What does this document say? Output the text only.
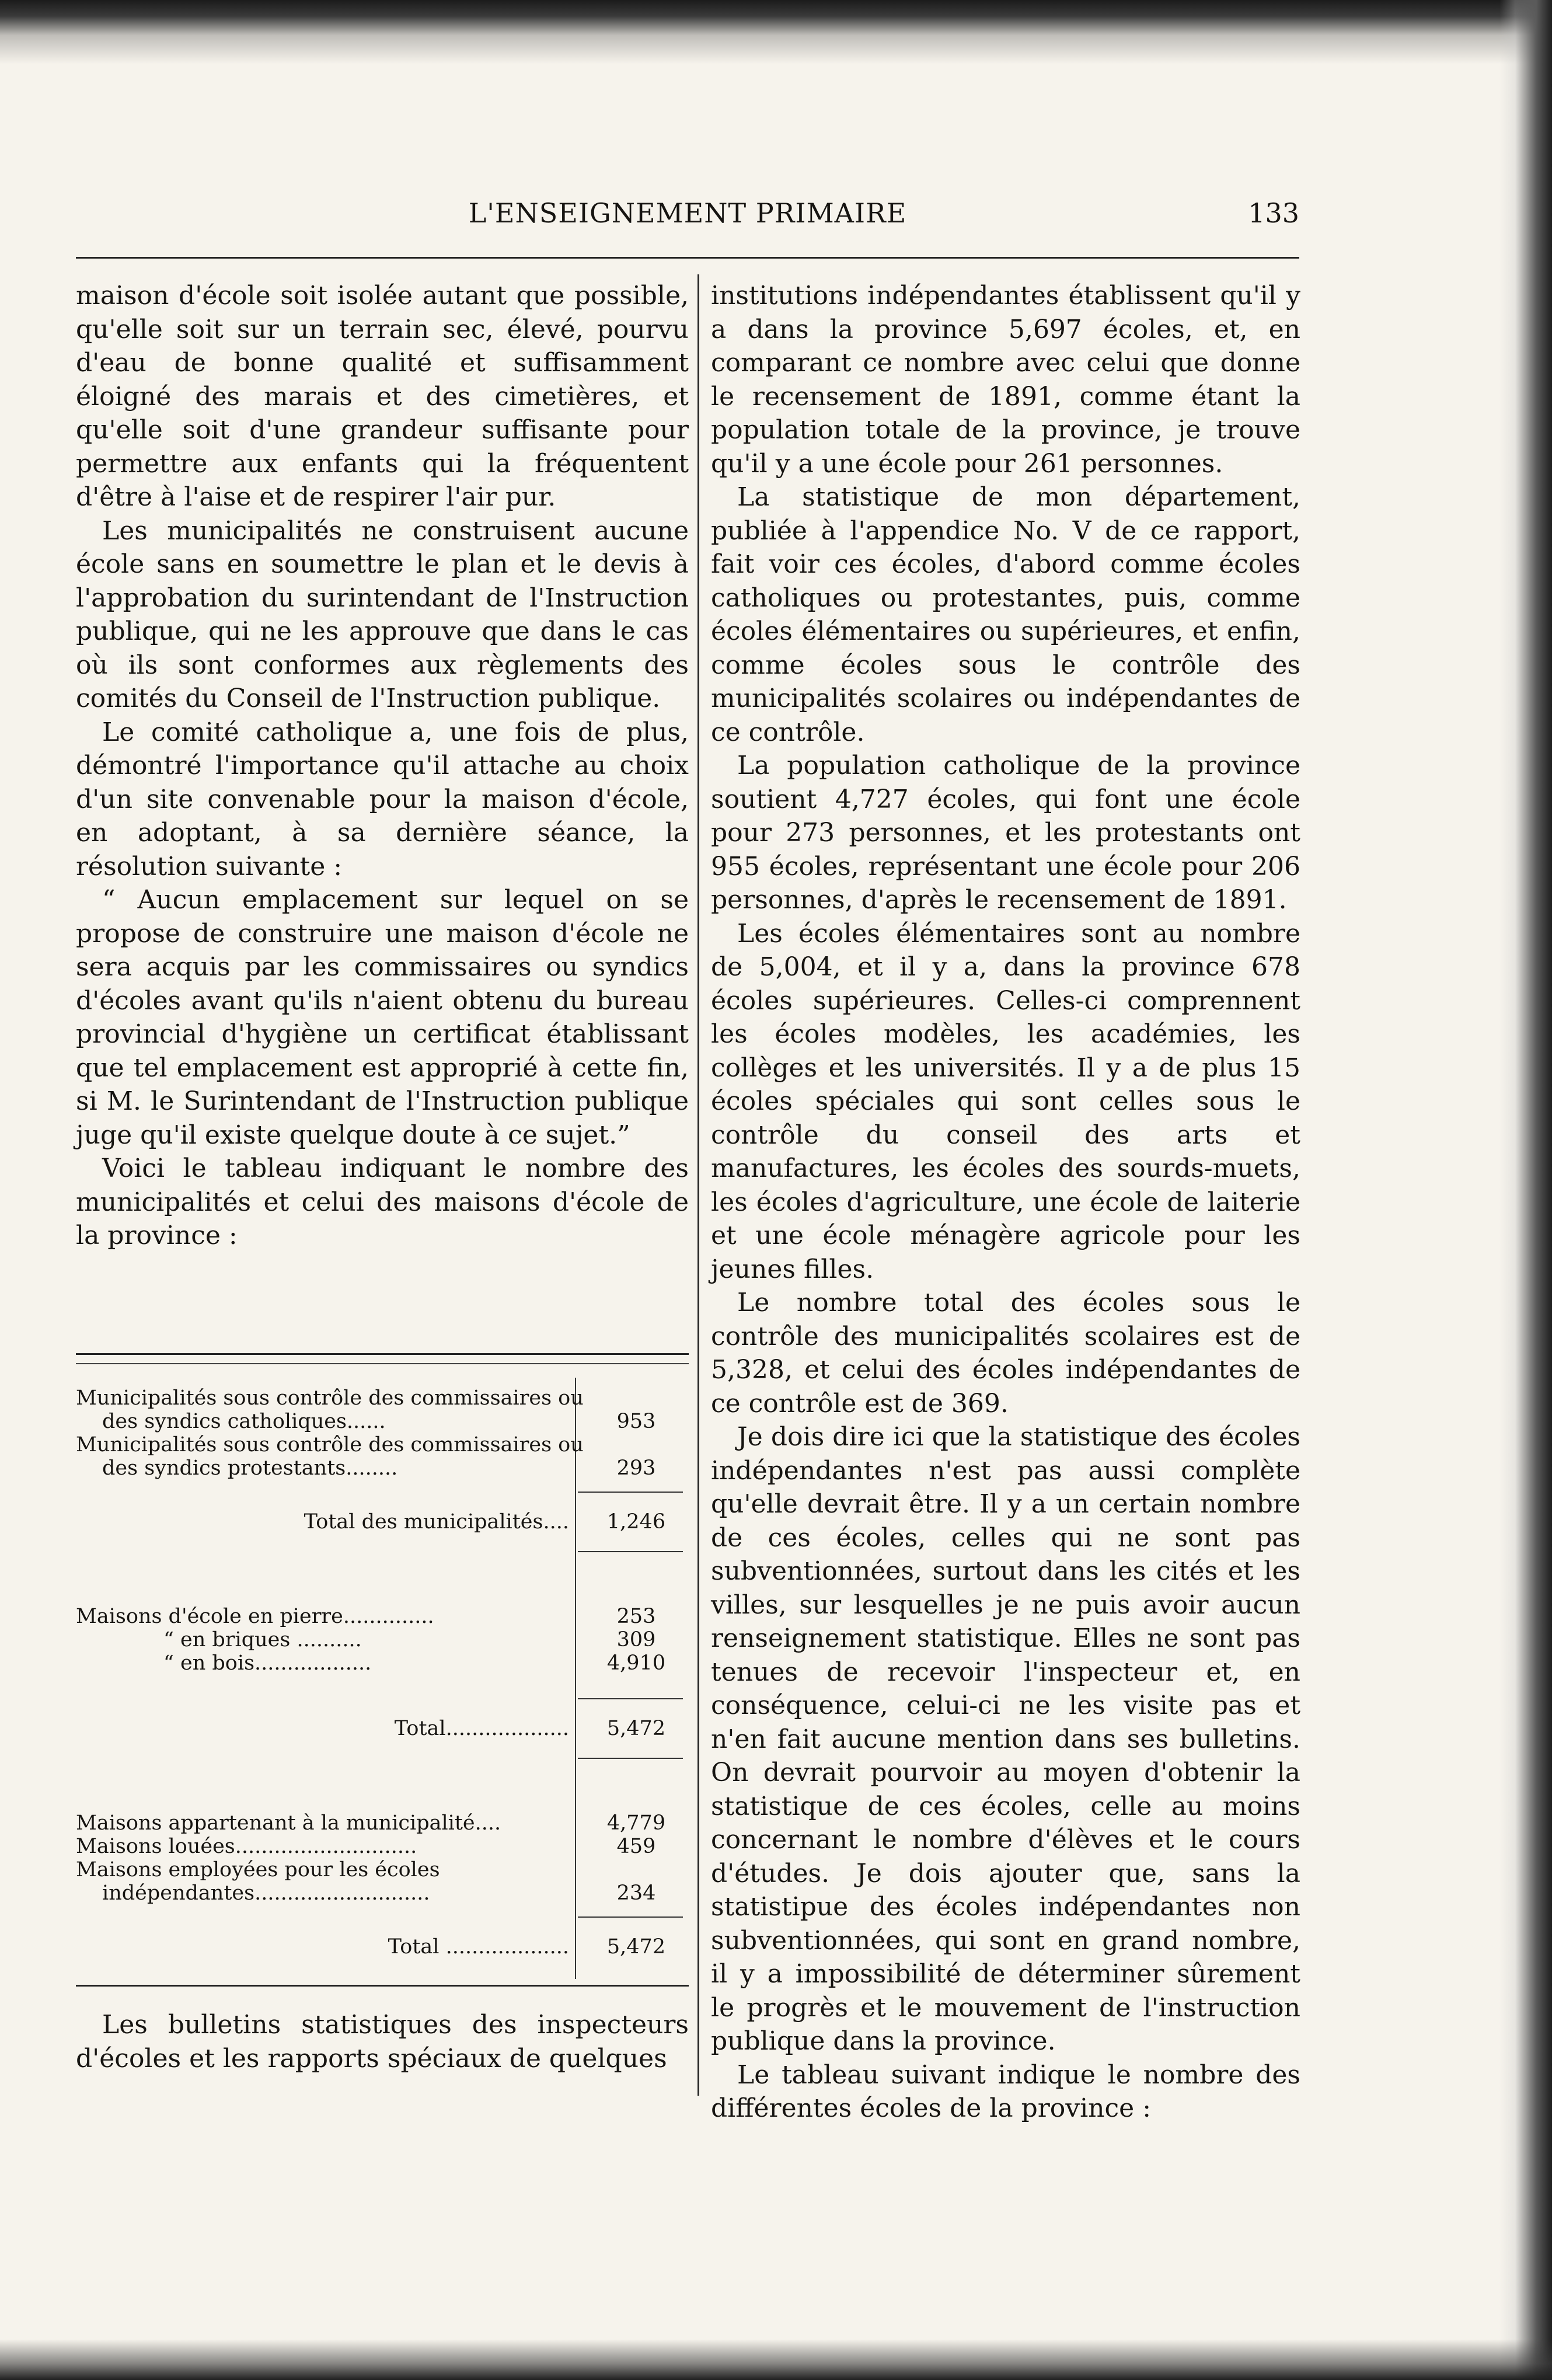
L'ENSEIGNEMENT PRIMAIRE	133

maison d'école soit isolée autant que possible, qu'elle soit sur un terrain sec, élevé, pourvu d'eau de bonne qualité et suffisamment éloigné des marais et des cimetières, et qu'elle soit d'une grandeur suffisante pour permettre aux enfants qui la fréquentent d'être à l'aise et de respirer l'air pur.

Les municipalités ne construisent aucune école sans en soumettre le plan et le devis à l'approbation du surintendant de l'Instruction publique, qui ne les approuve que dans le cas où ils sont conformes aux règlements des comités du Conseil de l'Instruction publique.

Le comité catholique a, une fois de plus, démontré l'importance qu'il attache au choix d'un site convenable pour la maison d'école, en adoptant, à sa dernière séance, la résolution suivante :

“ Aucun emplacement sur lequel on se propose de construire une maison d'école ne sera acquis par les commissaires ou syndics d'écoles avant qu'ils n'aient obtenu du bureau provincial d'hygiène un certificat établissant que tel emplacement est approprié à cette fin, si M. le Surintendant de l'Instruction publique juge qu'il existe quelque doute à ce sujet.”

Voici le tableau indiquant le nombre des municipalités et celui des maisons d'école de la province :

Municipalités sous contrôle des commissaires ou des syndics catholiques......	953
Municipalités sous contrôle des commissaires ou des syndics protestants........	293
Total des municipalités....	1,246
Maisons d'école en pierre..............	253
“ en briques ..........	309
“ en bois..................	4,910
Total...................	5,472
Maisons appartenant à la municipalité....	4,779
Maisons louées............................	459
Maisons employées pour les écoles indépendantes...........................	234
Total ...................	5,472

Les bulletins statistiques des inspecteurs d'écoles et les rapports spéciaux de quelques

institutions indépendantes établissent qu'il y a dans la province 5,697 écoles, et, en comparant ce nombre avec celui que donne le recensement de 1891, comme étant la population totale de la province, je trouve qu'il y a une école pour 261 personnes.

La statistique de mon département, publiée à l'appendice No. V de ce rapport, fait voir ces écoles, d'abord comme écoles catholiques ou protestantes, puis, comme écoles élémentaires ou supérieures, et enfin, comme écoles sous le contrôle des municipalités scolaires ou indépendantes de ce contrôle.

La population catholique de la province soutient 4,727 écoles, qui font une école pour 273 personnes, et les protestants ont 955 écoles, représentant une école pour 206 personnes, d'après le recensement de 1891.

Les écoles élémentaires sont au nombre de 5,004, et il y a, dans la province 678 écoles supérieures. Celles-ci comprennent les écoles modèles, les académies, les collèges et les universités. Il y a de plus 15 écoles spéciales qui sont celles sous le contrôle du conseil des arts et manufactures, les écoles des sourds-muets, les écoles d'agriculture, une école de laiterie et une école ménagère agricole pour les jeunes filles.

Le nombre total des écoles sous le contrôle des municipalités scolaires est de 5,328, et celui des écoles indépendantes de ce contrôle est de 369.

Je dois dire ici que la statistique des écoles indépendantes n'est pas aussi complète qu'elle devrait être. Il y a un certain nombre de ces écoles, celles qui ne sont pas subventionnées, surtout dans les cités et les villes, sur lesquelles je ne puis avoir aucun renseignement statistique. Elles ne sont pas tenues de recevoir l'inspecteur et, en conséquence, celui-ci ne les visite pas et n'en fait aucune mention dans ses bulletins. On devrait pourvoir au moyen d'obtenir la statistique de ces écoles, celle au moins concernant le nombre d'élèves et le cours d'études. Je dois ajouter que, sans la statistipue des écoles indépendantes non subventionnées, qui sont en grand nombre, il y a impossibilité de déterminer sûrement le progrès et le mouvement de l'instruction publique dans la province.

Le tableau suivant indique le nombre des différentes écoles de la province :
